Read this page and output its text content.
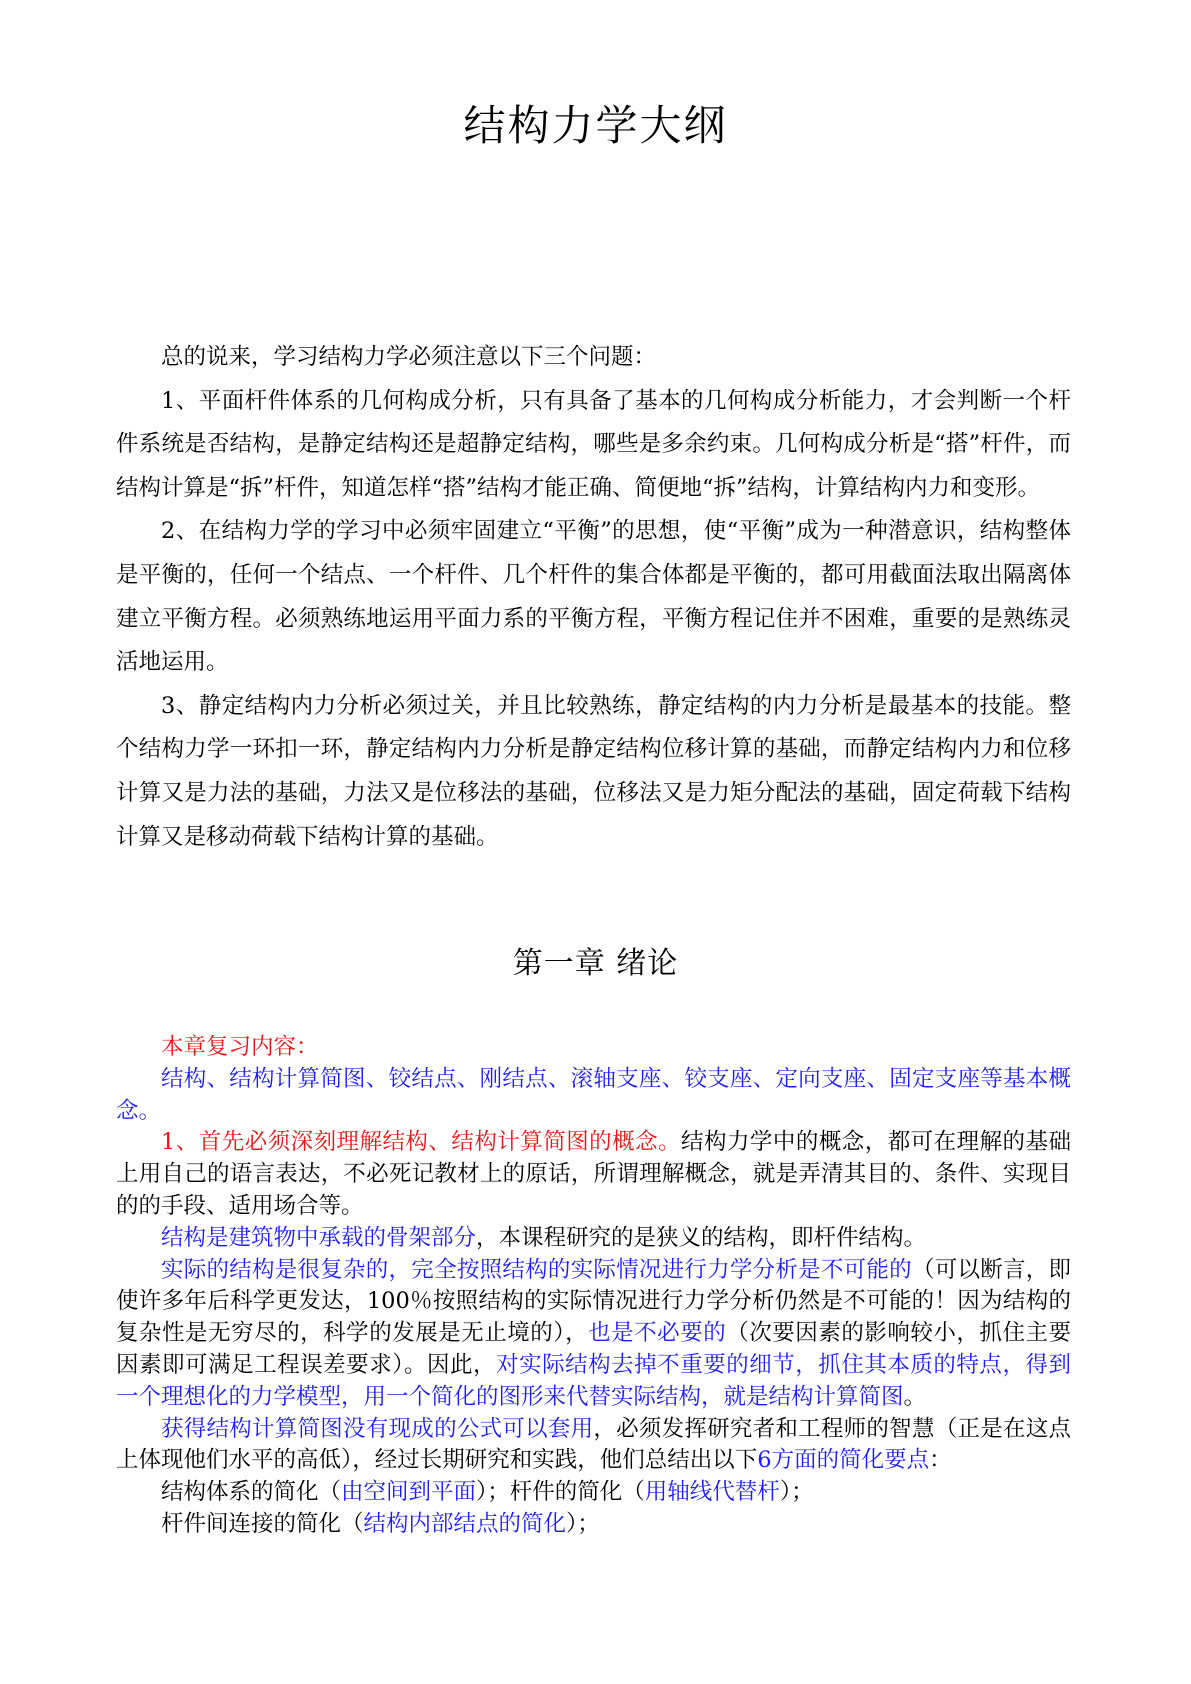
结构力学大纲

总的说来，学习结构力学必须注意以下三个问题：

1、平面杆件体系的几何构成分析，只有具备了基本的几何构成分析能力，才会判断一个杆件系统是否结构，是静定结构还是超静定结构，哪些是多余约束。几何构成分析是“搭”杆件，而结构计算是“拆”杆件，知道怎样“搭”结构才能正确、简便地“拆”结构，计算结构内力和变形。

2、在结构力学的学习中必须牢固建立“平衡”的思想，使“平衡”成为一种潜意识，结构整体是平衡的，任何一个结点、一个杆件、几个杆件的集合体都是平衡的，都可用截面法取出隔离体建立平衡方程。必须熟练地运用平面力系的平衡方程，平衡方程记住并不困难，重要的是熟练灵活地运用。

3、静定结构内力分析必须过关，并且比较熟练，静定结构的内力分析是最基本的技能。整个结构力学一环扣一环，静定结构内力分析是静定结构位移计算的基础，而静定结构内力和位移计算又是力法的基础，力法又是位移法的基础，位移法又是力矩分配法的基础，固定荷载下结构计算又是移动荷载下结构计算的基础。

第一章 绪论

本章复习内容：

结构、结构计算简图、铰结点、刚结点、滚轴支座、铰支座、定向支座、固定支座等基本概念。

1、首先必须深刻理解结构、结构计算简图的概念。结构力学中的概念，都可在理解的基础上用自己的语言表达，不必死记教材上的原话，所谓理解概念，就是弄清其目的、条件、实现目的的手段、适用场合等。

结构是建筑物中承载的骨架部分，本课程研究的是狭义的结构，即杆件结构。

实际的结构是很复杂的，完全按照结构的实际情况进行力学分析是不可能的（可以断言，即使许多年后科学更发达，100％按照结构的实际情况进行力学分析仍然是不可能的！因为结构的复杂性是无穷尽的，科学的发展是无止境的），也是不必要的（次要因素的影响较小，抓住主要因素即可满足工程误差要求）。因此，对实际结构去掉不重要的细节，抓住其本质的特点，得到一个理想化的力学模型，用一个简化的图形来代替实际结构，就是结构计算简图。

获得结构计算简图没有现成的公式可以套用，必须发挥研究者和工程师的智慧（正是在这点上体现他们水平的高低），经过长期研究和实践，他们总结出以下6方面的简化要点：

结构体系的简化（由空间到平面）；杆件的简化（用轴线代替杆）；

杆件间连接的简化（结构内部结点的简化）；
